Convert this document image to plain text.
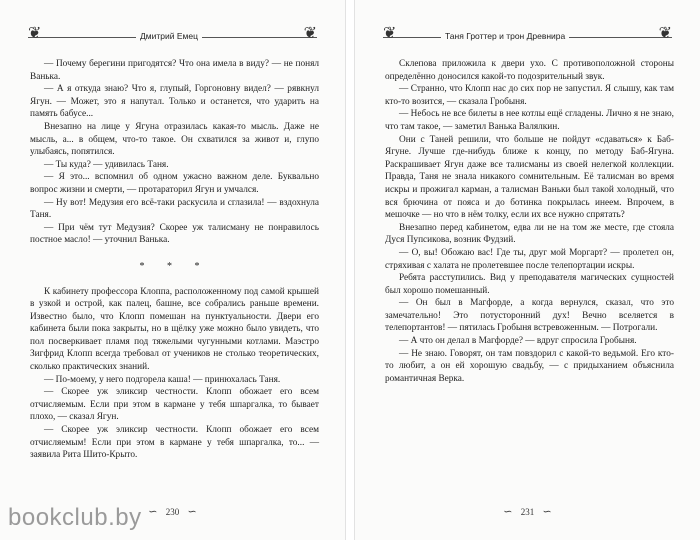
❦	❦
Дмитрий Емец

— Почему берегини пригодятся? Что она имела в виду? — не понял Ванька.

— А я откуда знаю? Что я, глупый, Горгоновну видел? — рявкнул Ягун. — Может, это я напутал. Только и останется, что ударить на память бабусе...

Внезапно на лице у Ягуна отразилась какая-то мысль. Даже не мысль, а... в общем, что-то такое. Он схватился за живот и, глупо улыбаясь, попятился.

— Ты куда? — удивилась Таня.

— Я это... вспомнил об одном ужасно важном деле. Буквально вопрос жизни и смерти, — протараторил Ягун и умчался.

— Ну вот! Медузия его всё-таки раскусила и сглазила! — вздохнула Таня.

— При чём тут Медузия? Скорее уж талисману не понравилось постное масло! — уточнил Ванька.

* * *

К кабинету профессора Клоппа, расположенному под самой крышей в узкой и острой, как палец, башне, все собрались раньше времени. Известно было, что Клопп помешан на пунктуальности. Двери его кабинета были пока закрыты, но в щёлку уже можно было увидеть, что пол посверкивает пламя под тяжелыми чугунными котлами. Маэстро Зигфрид Клопп всегда требовал от учеников не столько теоретических, сколько практических знаний.

— По-моему, у него подгорела каша! — принюхалась Таня.

— Скорее уж эликсир честности. Клопп обожает его всем отчисляемым. Если при этом в кармане у тебя шпаргалка, то бывает плохо, — сказал Ягун.

— Скорее уж эликсир честности. Клопп обожает его всем отчисляемым! Если при этом в кармане у тебя шпаргалка, то... — заявила Рита Шито-Крыто.

∽ 230 ∽
bookclub.by
❦	❦
Таня Гроттер и трон Древнира

Склепова приложила к двери ухо. С противоположной стороны определённо доносился какой-то подозрительный звук.

— Странно, что Клопп нас до сих пор не запустил. Я слышу, как там кто-то возится, — сказала Гробыня.

— Небось не все билеты в нее котлы ещё сгладены. Лично я не знаю, что там такое, — заметил Ванька Валялкин.

Они с Таней решили, что больше не пойдут «сдаваться» к Баб-Ягуне. Лучше где-нибудь ближе к концу, по методу Баб-Ягуна. Раскрашивает Ягун даже все талисманы из своей нелегкой коллекции. Правда, Таня не знала никакого сомнительным. Её талисман во время искры и прожигал карман, а талисман Ваньки был такой холодный, что вся брючина от пояса и до ботинка покрылась инеем. Впрочем, в мешочке — но что в нём толку, если их все нужно спрятать?

Внезапно перед кабинетом, едва ли не на том же месте, где стояла Дуся Пупсикова, возник Фудзий.

— О, вы! Обожаю вас! Где ты, друг мой Моргарт? — пролетел он, стряхивая с халата не пролетевшее после телепортации искры.

Ребята расступились. Вид у преподавателя магических сущностей был хорошо помешанный.

— Он был в Магфорде, а когда вернулся, сказал, что это замечательно! Это потусторонний дух! Вечно вселяется в телепортантов! — пятилась Гробыня встревоженным. — Потрогали.

— А что он делал в Магфорде? — вдруг спросила Гробыня.

— Не знаю. Говорят, он там повздорил с какой-то ведьмой. Его кто-то любит, а он ей хорошую свадьбу, — с придыханием объяснила романтичная Верка.

∽ 231 ∽
